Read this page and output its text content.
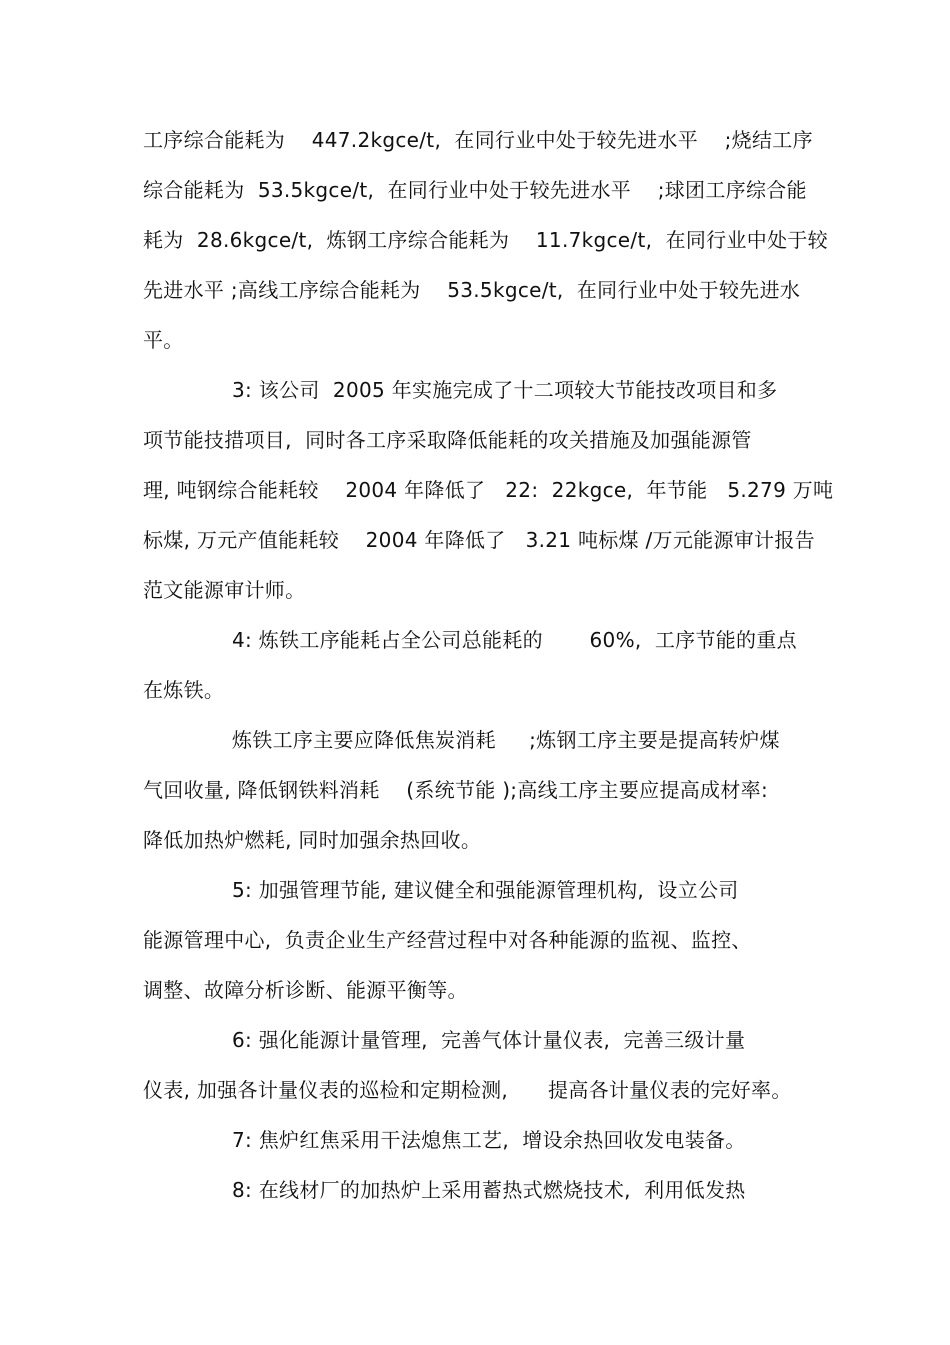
工序综合能耗为    447.2kgce/t,  在同行业中处于较先进水平    ;烧结工序
综合能耗为  53.5kgce/t,  在同行业中处于较先进水平    ;球团工序综合能
耗为  28.6kgce/t,  炼钢工序综合能耗为    11.7kgce/t,  在同行业中处于较
先进水平 ;高线工序综合能耗为    53.5kgce/t,  在同行业中处于较先进水
平。
3: 该公司  2005 年实施完成了十二项较大节能技改项目和多
项节能技措项目,  同时各工序采取降低能耗的攻关措施及加强能源管
理, 吨钢综合能耗较    2004 年降低了   22:  22kgce,  年节能   5.279 万吨
标煤, 万元产值能耗较    2004 年降低了   3.21 吨标煤 /万元能源审计报告
范文能源审计师。
4: 炼铁工序能耗占全公司总能耗的       60%,  工序节能的重点
在炼铁。
炼铁工序主要应降低焦炭消耗     ;炼钢工序主要是提高转炉煤
气回收量, 降低钢铁料消耗    (系统节能 );高线工序主要应提高成材率:
降低加热炉燃耗, 同时加强余热回收。
5: 加强管理节能, 建议健全和强能源管理机构,  设立公司
能源管理中心,  负责企业生产经营过程中对各种能源的监视、监控、
调整、故障分析诊断、能源平衡等。
6: 强化能源计量管理,  完善气体计量仪表,  完善三级计量
仪表, 加强各计量仪表的巡检和定期检测,      提高各计量仪表的完好率。
7: 焦炉红焦采用干法熄焦工艺,  增设余热回收发电装备。
8: 在线材厂的加热炉上采用蓄热式燃烧技术,  利用低发热
